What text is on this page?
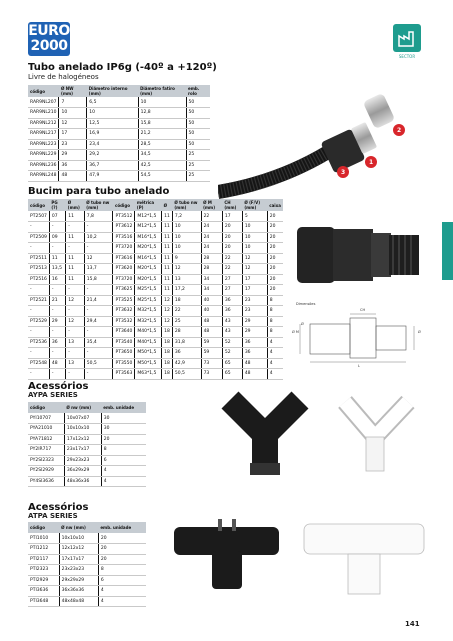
EURO
2000
SECTOR
Tubo anelado IP6g (-40º a +120º)
Livre de halogéneos
código	Ø NW (mm)	Diâmetro interno (mm)	Diâmetro fatiro (mm)	emb. rolo
RAR9NL207	7	6,5	10	50
RAR9NL210	10	10	12,8	50
RAR9NL212	12	12,5	15,8	50
RAR9NL217	17	16,9	21,2	50
RAR9NL223	23	23,4	28,5	50
RAR9NL229	29	29,2	34,5	25
RAR9NL236	36	36,7	42,5	25
RAR9NL248	48	47,9	54,5	25
2
1
3
Bucim para tubo anelado
código	PG (?)	Ø (mm)	Ø tubo nw (mm)	código	métrica (P)	Ø	Ø tubo nw (mm)	Ø M (mm)	CH (mm)	Ø (F/V) (mm)	caixa
PT2507	07	11	7,8	PT3512	M12*1,5	11	7,2	22	17	5	20
-	-	-	-	PT3612	M12*1,5	11	10	24	20	10	20
PT2509	09	11	10,2	PT3516	M16*1,5	11	10	24	20	10	20
-	-	-	-	PT3720	M20*1,5	11	10	24	20	10	20
PT2511	11	11	12	PT3616	M16*1,5	11	9	28	22	12	20
PT2513	13,5	11	13,7	PT3620	M20*1,5	11	12	28	22	12	20
PT2516	16	11	15,8	PT3720	M20*1,5	11	13	34	27	17	20
-	-	-	-	PT3625	M25*1,5	11	17,2	34	27	17	20
PT2521	21	12	21,4	PT3525	M25*1,5	12	18	40	36	23	8
-	-	-	-	PT3632	M32*1,5	12	22	40	36	23	8
PT2529	29	12	29,4	PT3532	M32*1,5	12	25	48	43	29	8
-	-	-	-	PT3640	M40*1,5	18	28	48	43	29	8
PT2536	36	13	35,4	PT3540	M40*1,5	18	31,8	59	52	36	4
-	-	-	-	PT3650	M50*1,5	18	36	59	52	36	4
PT2548	48	13	50,5	PT3550	M50*1,5	18	42,9	73	65	48	4
-	-	-	-	PT3563	M63*1,5	18	50,5	73	65	48	4
Dimensões
CH
Ø M
Ø
Ø
L
Acessórios
AYPA SERIES
código	Ø nw (mm)	emb. unidade
PYI10707	10x07x07	30
PYA21010	10x10x10	30
PYA71812	17x12x12	20
PY2IR717	23x17x17	8
PY2SI2323	29x23x23	6
PY2SI2929	36x29x29	4
PY4SI3636	48x36x36	4
Acessórios
ATPA SERIES
código	Ø nw (mm)	emb. unidade
PTI1010	10x10x10	20
PTI1212	12x12x12	20
PTI2117	17x17x17	20
PTI2323	23x23x23	8
PTI2929	29x29x29	6
PTI3636	36x36x36	4
PTI3648	48x48x48	4
141
